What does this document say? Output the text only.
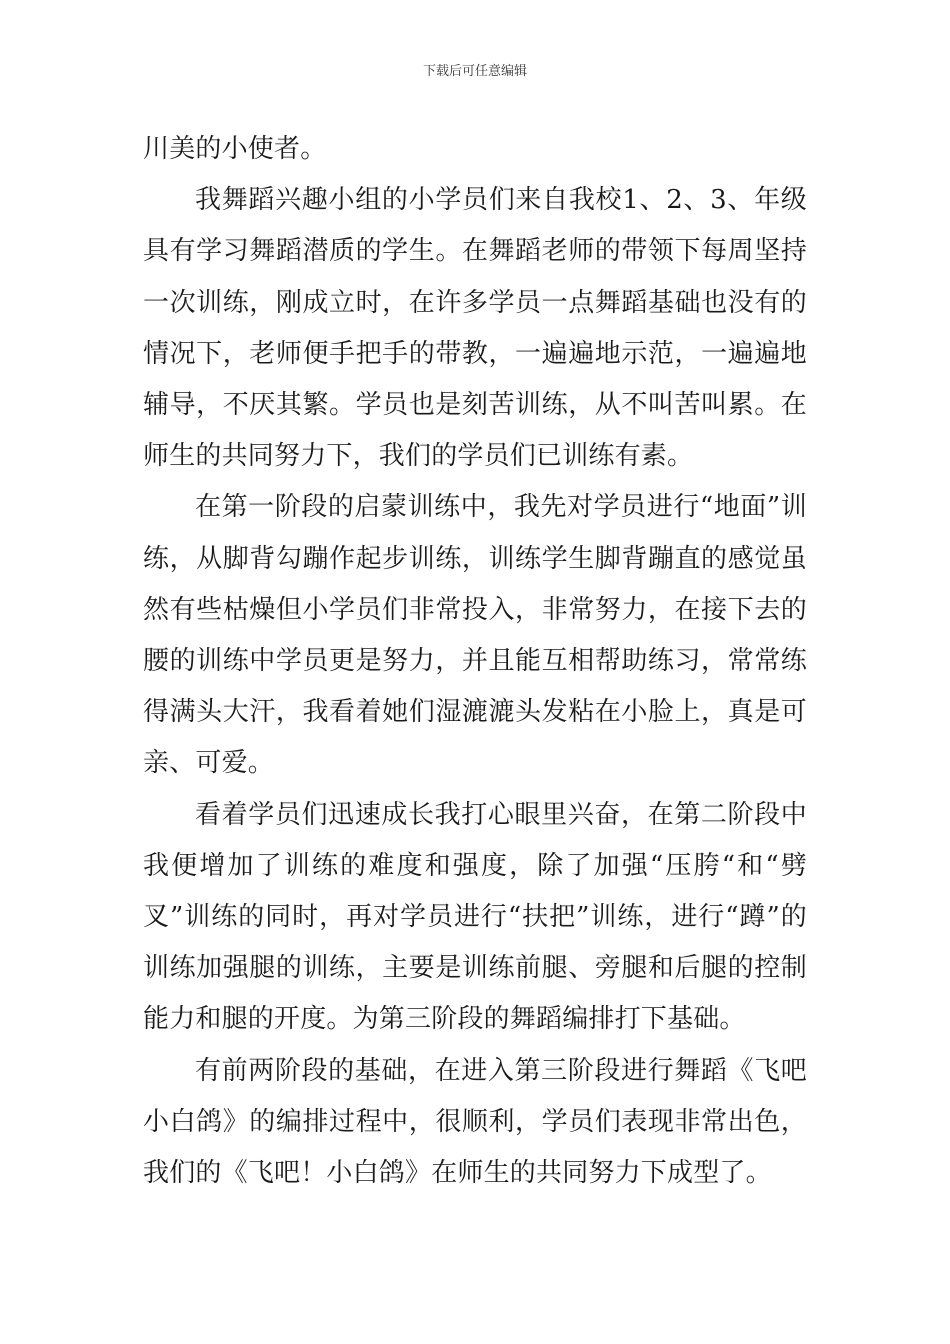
下载后可任意编辑

川美的小使者。

我舞蹈兴趣小组的小学员们来自我校1、2、3、年级具有学习舞蹈潜质的学生。在舞蹈老师的带领下每周坚持一次训练，刚成立时，在许多学员一点舞蹈基础也没有的情况下，老师便手把手的带教，一遍遍地示范，一遍遍地辅导，不厌其繁。学员也是刻苦训练，从不叫苦叫累。在师生的共同努力下，我们的学员们已训练有素。

在第一阶段的启蒙训练中，我先对学员进行“地面”训练，从脚背勾蹦作起步训练，训练学生脚背蹦直的感觉虽然有些枯燥但小学员们非常投入，非常努力，在接下去的腰的训练中学员更是努力，并且能互相帮助练习，常常练得满头大汗，我看着她们湿漉漉头发粘在小脸上，真是可亲、可爱。

看着学员们迅速成长我打心眼里兴奋，在第二阶段中我便增加了训练的难度和强度，除了加强“压胯“和“劈叉”训练的同时，再对学员进行“扶把”训练，进行“蹲”的训练加强腿的训练，主要是训练前腿、旁腿和后腿的控制能力和腿的开度。为第三阶段的舞蹈编排打下基础。

有前两阶段的基础，在进入第三阶段进行舞蹈《飞吧小白鸽》的编排过程中，很顺利，学员们表现非常出色，我们的《飞吧！小白鸽》在师生的共同努力下成型了。
